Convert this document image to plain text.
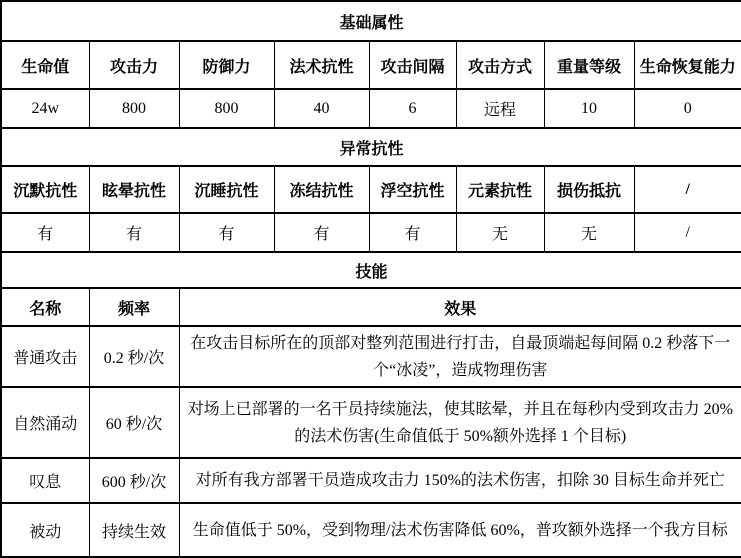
基础属性							
生命值	攻击力	防御力	法术抗性	攻击间隔	攻击方式	重量等级	生命恢复能力
24w	800	800	40	6	远程	10	0
异常抗性							
沉默抗性	眩晕抗性	沉睡抗性	冻结抗性	浮空抗性	元素抗性	损伤抵抗	/
有	有	有	有	有	无	无	/
技能							
名称	频率	效果					
普通攻击	0.2 秒/次	在攻击目标所在的顶部对整列范围进行打击，自最顶端起每间隔 0.2 秒落下一个“冰凌”，造成物理伤害					
自然涌动	60 秒/次	对场上已部署的一名干员持续施法，使其眩晕，并且在每秒内受到攻击力 20%的法术伤害(生命值低于 50%额外选择 1 个目标)					
叹息	600 秒/次	对所有我方部署干员造成攻击力 150%的法术伤害，扣除 30 目标生命并死亡					
被动	持续生效	生命值低于 50%，受到物理/法术伤害降低 60%，普攻额外选择一个我方目标					
